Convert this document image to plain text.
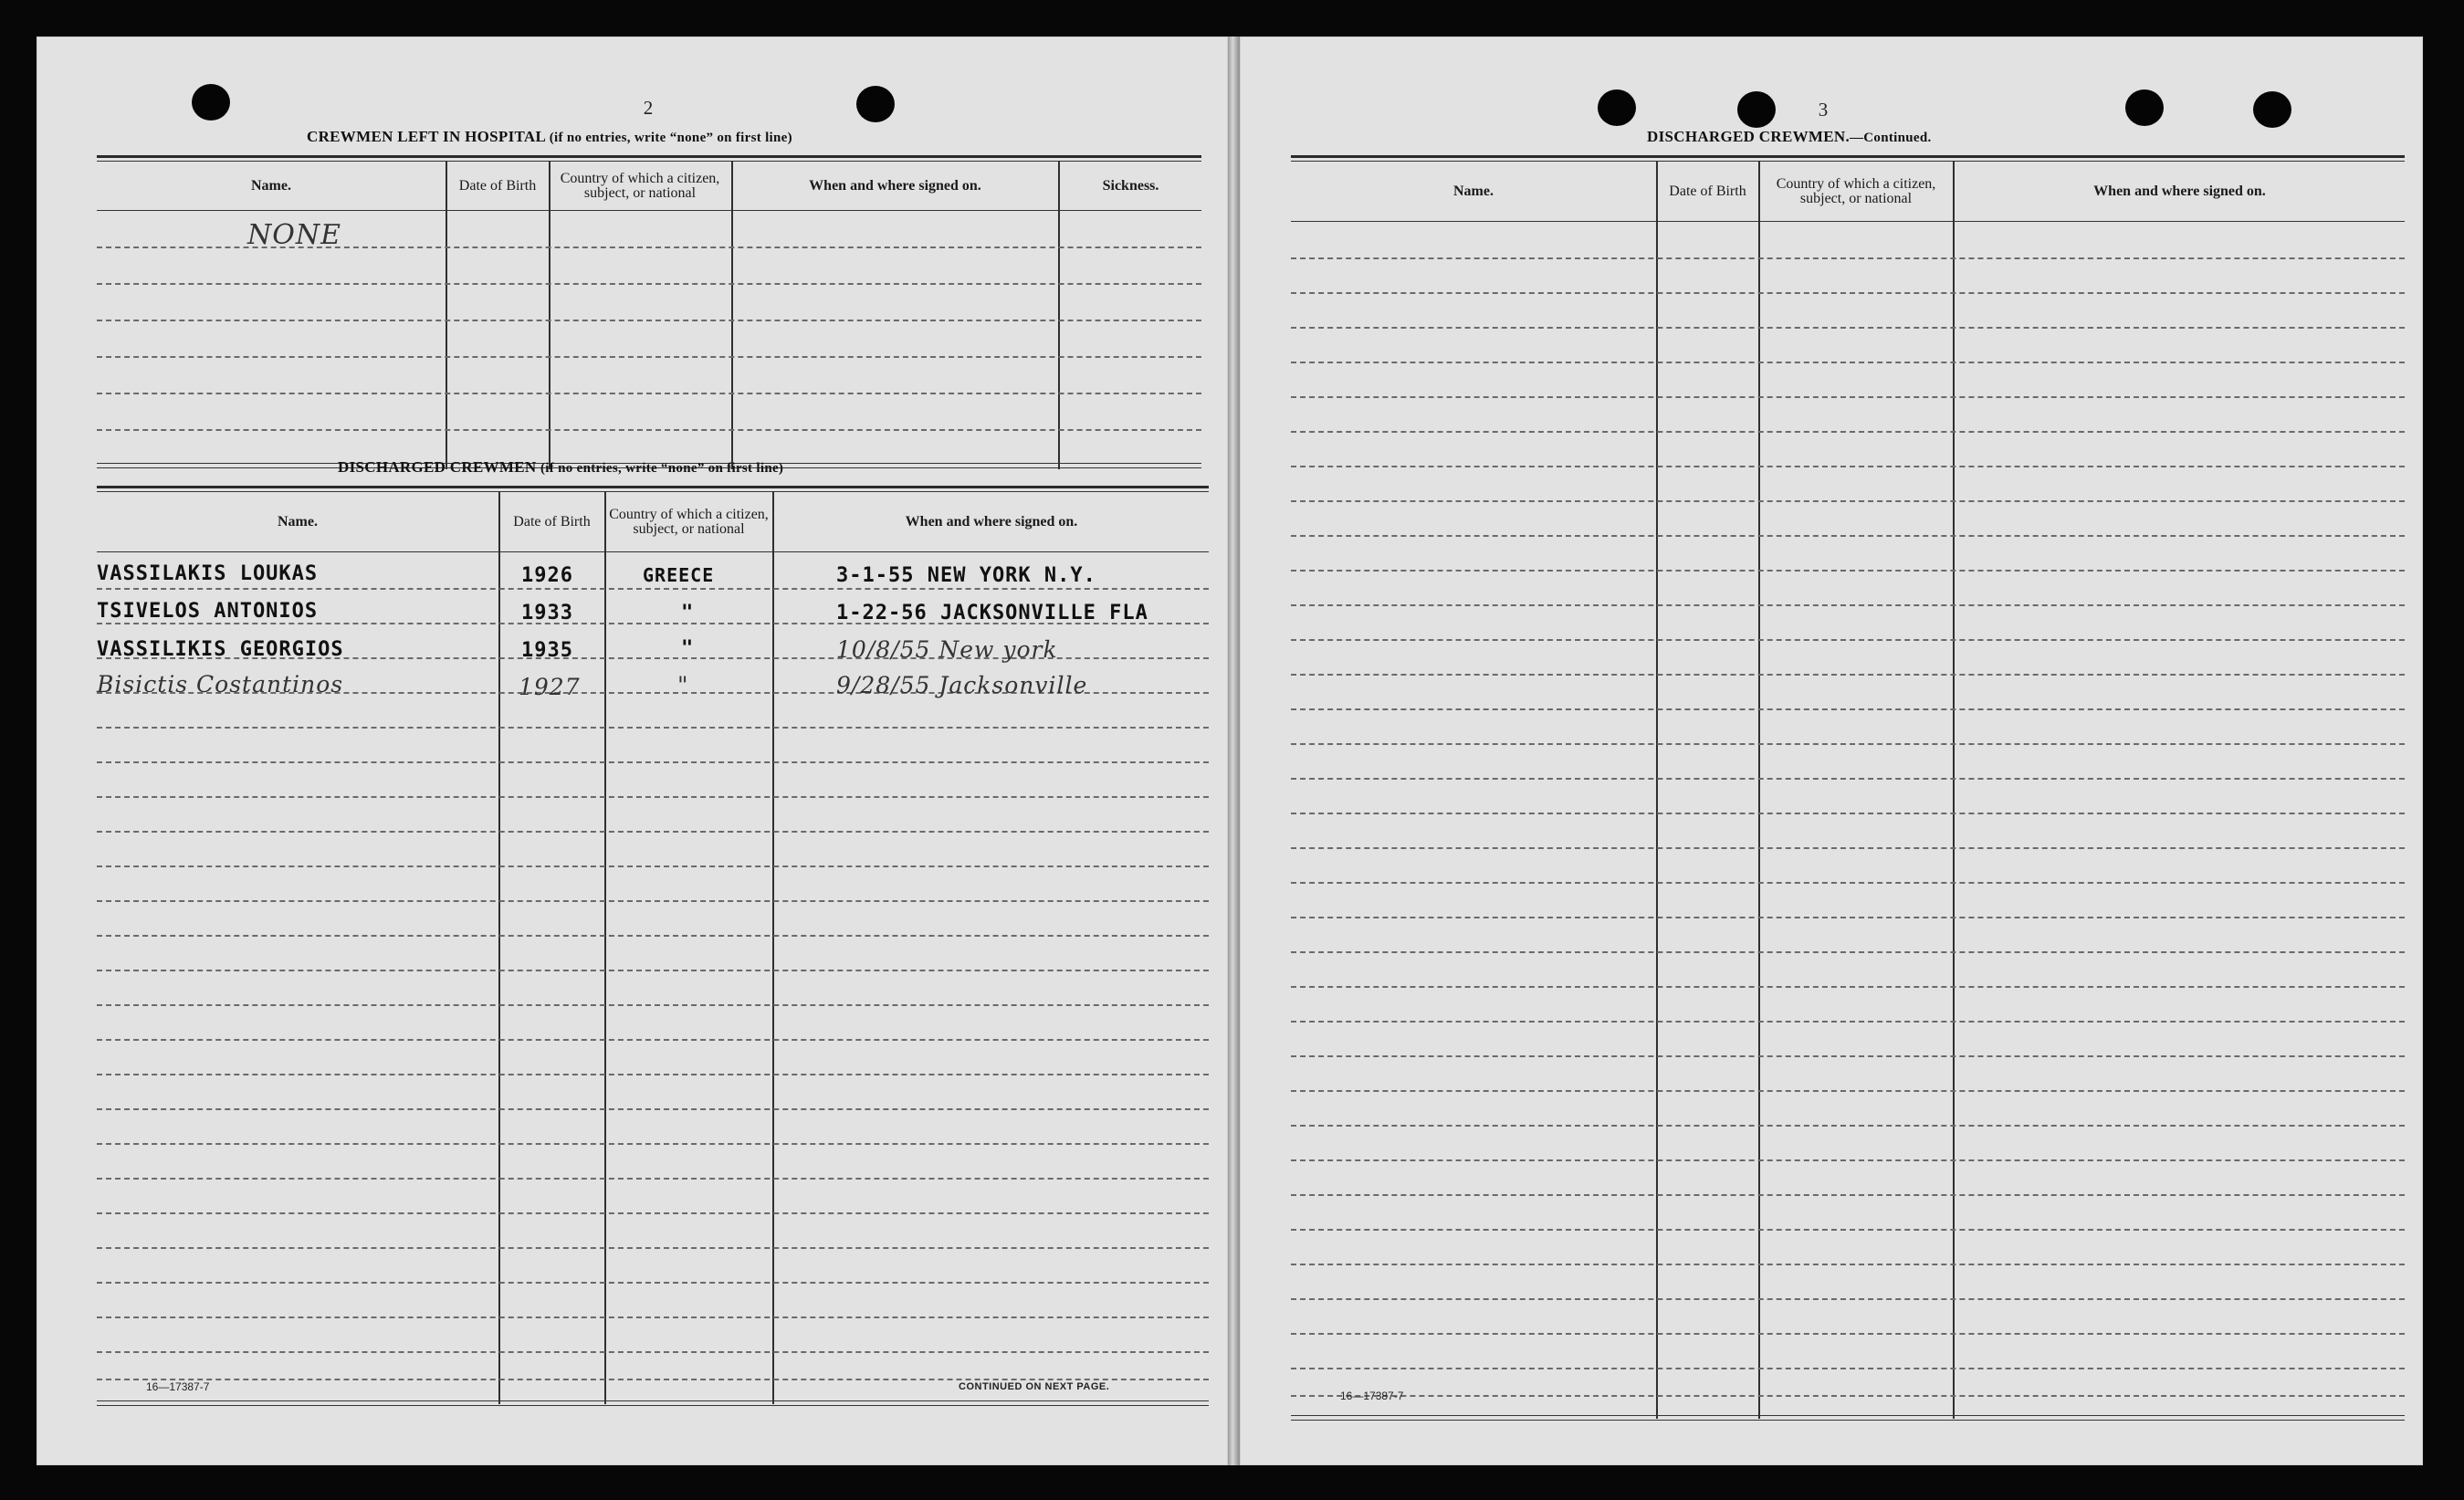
2
CREWMEN LEFT IN HOSPITAL (if no entries, write “none” on first line)
Name.	Date of Birth	Country of which a citizen, subject, or national	When and where signed on.	Sickness.
NONE
DISCHARGED CREWMEN (if no entries, write “none” on first line)
Name.	Date of Birth	Country of which a citizen, subject, or national	When and where signed on.
VASSILAKIS LOUKAS	1926	GREECE	3-1-55 NEW YORK N.Y.
TSIVELOS ANTONIOS	1933	"	1-22-56 JACKSONVILLE FLA
VASSILIKIS GEORGIOS	1935	"	10/8/55 New york
Bisictis Costantinos	1927	"	9/28/55 Jacksonville
16—17387-7	CONTINUED ON NEXT PAGE.
3
DISCHARGED CREWMEN.—Continued.
Name.	Date of Birth	Country of which a citizen, subject, or national	When and where signed on.
16—17387-7
